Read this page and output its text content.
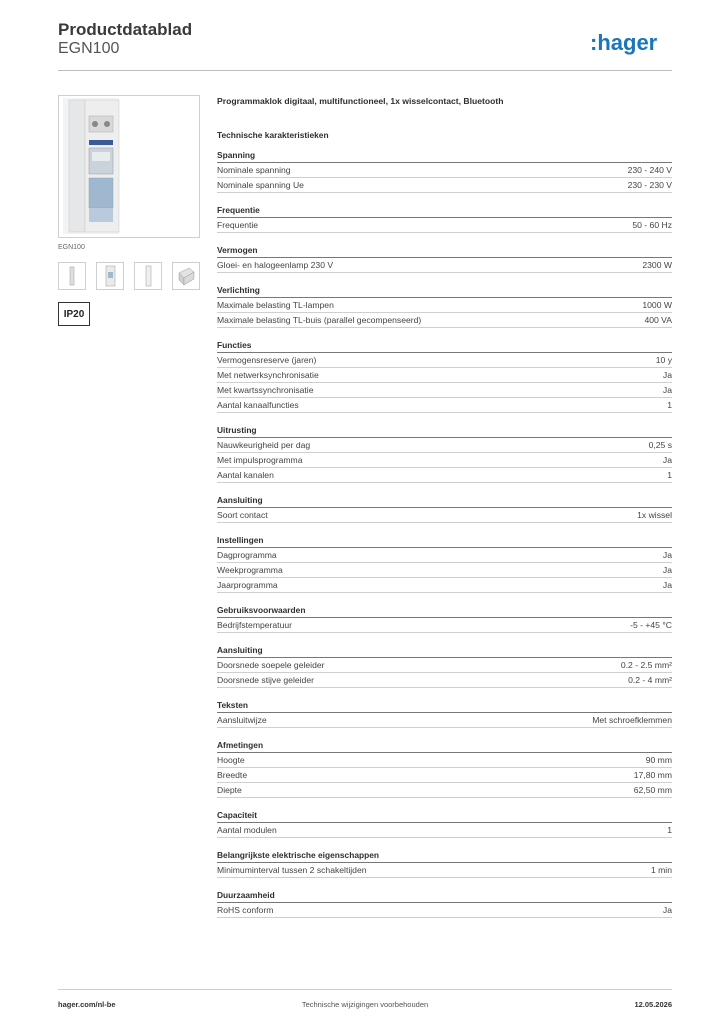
Productdatablad
EGN100	:hager
EGN100
IP20
Programmaklok digitaal, multifunctioneel, 1x wisselcontact, Bluetooth
Technische karakteristieken
Spanning
Nominale spanning	230 - 240 V
Nominale spanning Ue	230 - 230 V
Frequentie
Frequentie	50 - 60 Hz
Vermogen
Gloei- en halogeenlamp 230 V	2300 W
Verlichting
Maximale belasting TL-lampen	1000 W
Maximale belasting TL-buis (parallel gecompenseerd)	400 VA
Functies
Vermogensreserve (jaren)	10 y
Met netwerksynchronisatie	Ja
Met kwartssynchronisatie	Ja
Aantal kanaalfuncties	1
Uitrusting
Nauwkeurigheid per dag	0,25 s
Met impulsprogramma	Ja
Aantal kanalen	1
Aansluiting
Soort contact	1x wissel
Instellingen
Dagprogramma	Ja
Weekprogramma	Ja
Jaarprogramma	Ja
Gebruiksvoorwaarden
Bedrijfstemperatuur	-5 - +45 °C
Aansluiting
Doorsnede soepele geleider	0.2 - 2.5 mm²
Doorsnede stijve geleider	0.2 - 4 mm²
Teksten
Aansluitwijze	Met schroefklemmen
Afmetingen
Hoogte	90 mm
Breedte	17,80 mm
Diepte	62,50 mm
Capaciteit
Aantal modulen	1
Belangrijkste elektrische eigenschappen
Minimuminterval tussen 2 schakeltijden	1 min
Duurzaamheid
RoHS conform	Ja
hager.com/nl-be	Technische wijzigingen voorbehouden	12.05.2026
